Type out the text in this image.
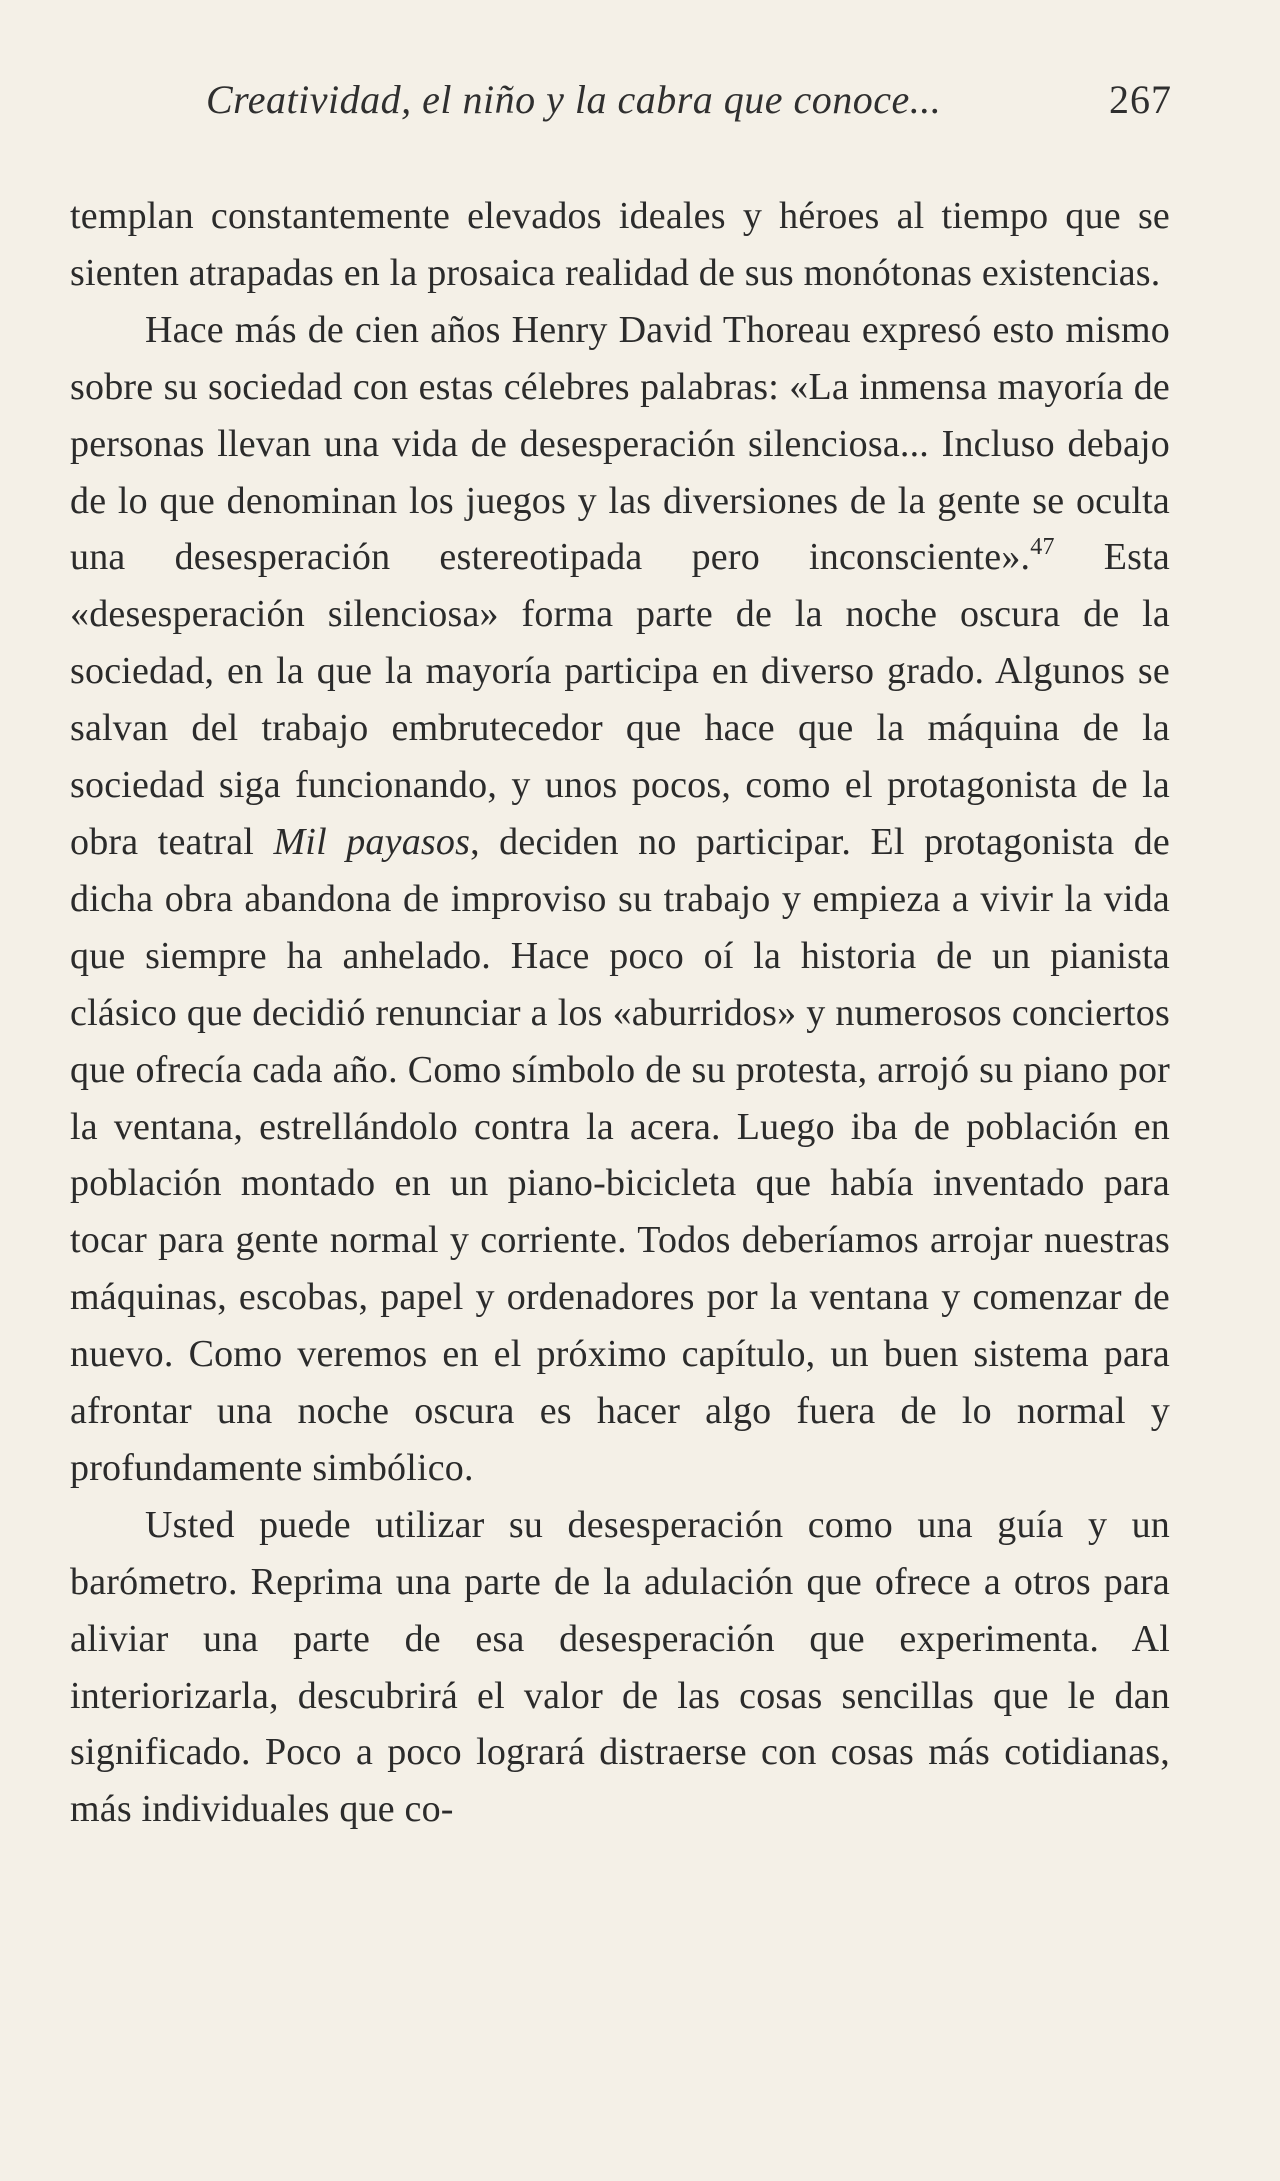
Creatividad, el niño y la cabra que conoce...	267

templan constantemente elevados ideales y héroes al tiempo que se sienten atrapadas en la prosaica realidad de sus monótonas existencias.

Hace más de cien años Henry David Thoreau expresó esto mismo sobre su sociedad con estas célebres palabras: «La inmensa mayoría de personas llevan una vida de desesperación silenciosa... Incluso debajo de lo que denominan los juegos y las diversiones de la gente se oculta una desesperación estereotipada pero inconsciente».$^{47}$ Esta «desesperación silenciosa» forma parte de la noche oscura de la sociedad, en la que la mayoría participa en diverso grado. Algunos se salvan del trabajo embrutecedor que hace que la máquina de la sociedad siga funcionando, y unos pocos, como el protagonista de la obra teatral Mil payasos, deciden no participar. El protagonista de dicha obra abandona de improviso su trabajo y empieza a vivir la vida que siempre ha anhelado. Hace poco oí la historia de un pianista clásico que decidió renunciar a los «aburridos» y numerosos conciertos que ofrecía cada año. Como símbolo de su protesta, arrojó su piano por la ventana, estrellándolo contra la acera. Luego iba de población en población montado en un piano-bicicleta que había inventado para tocar para gente normal y corriente. Todos deberíamos arrojar nuestras máquinas, escobas, papel y ordenadores por la ventana y comenzar de nuevo. Como veremos en el próximo capítulo, un buen sistema para afrontar una noche oscura es hacer algo fuera de lo normal y profundamente simbólico.

Usted puede utilizar su desesperación como una guía y un barómetro. Reprima una parte de la adulación que ofrece a otros para aliviar una parte de esa desesperación que experimenta. Al interiorizarla, descubrirá el valor de las cosas sencillas que le dan significado. Poco a poco logrará distraerse con cosas más cotidianas, más individuales que co-
